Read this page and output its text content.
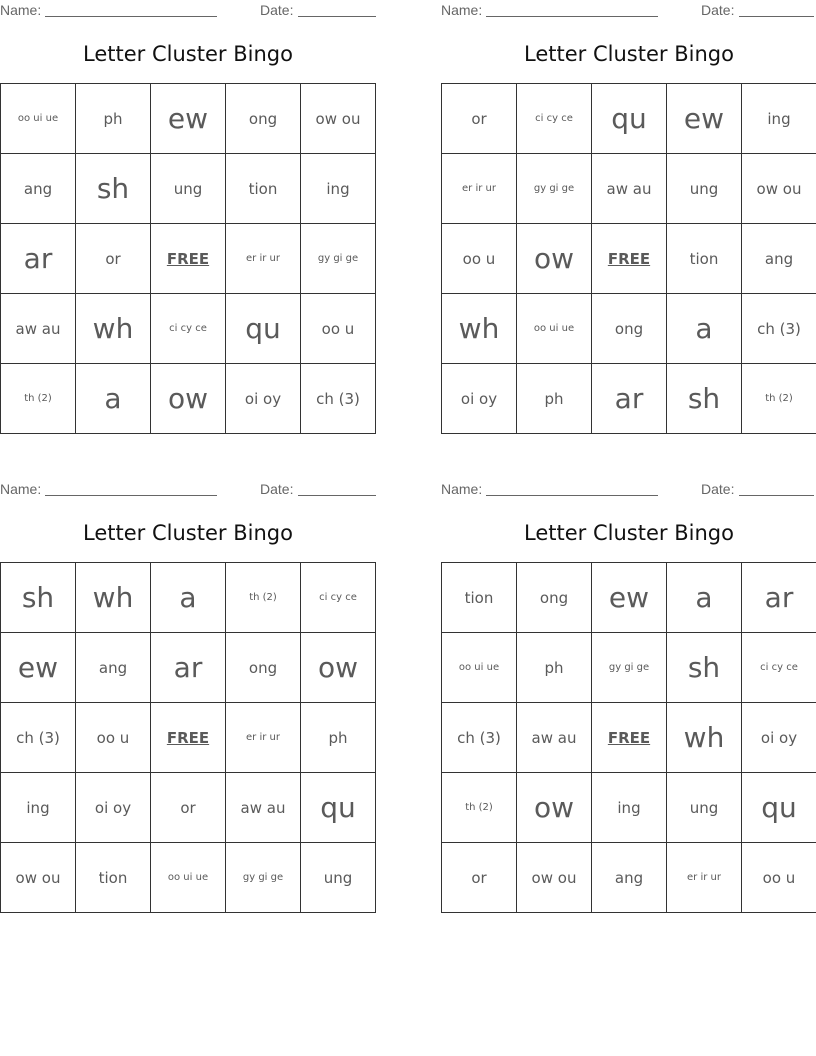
Name:	Date:
Letter Cluster Bingo
oo ui ue	ph	ew	ong	ow ou
ang	sh	ung	tion	ing
ar	or	FREE	er ir ur	gy gi ge
aw au	wh	ci cy ce	qu	oo u
th (2)	a	ow	oi oy	ch (3)
Name:	Date:
Letter Cluster Bingo
or	ci cy ce	qu	ew	ing
er ir ur	gy gi ge	aw au	ung	ow ou
oo u	ow	FREE	tion	ang
wh	oo ui ue	ong	a	ch (3)
oi oy	ph	ar	sh	th (2)
Name:	Date:
Letter Cluster Bingo
sh	wh	a	th (2)	ci cy ce
ew	ang	ar	ong	ow
ch (3)	oo u	FREE	er ir ur	ph
ing	oi oy	or	aw au	qu
ow ou	tion	oo ui ue	gy gi ge	ung
Name:	Date:
Letter Cluster Bingo
tion	ong	ew	a	ar
oo ui ue	ph	gy gi ge	sh	ci cy ce
ch (3)	aw au	FREE	wh	oi oy
th (2)	ow	ing	ung	qu
or	ow ou	ang	er ir ur	oo u
